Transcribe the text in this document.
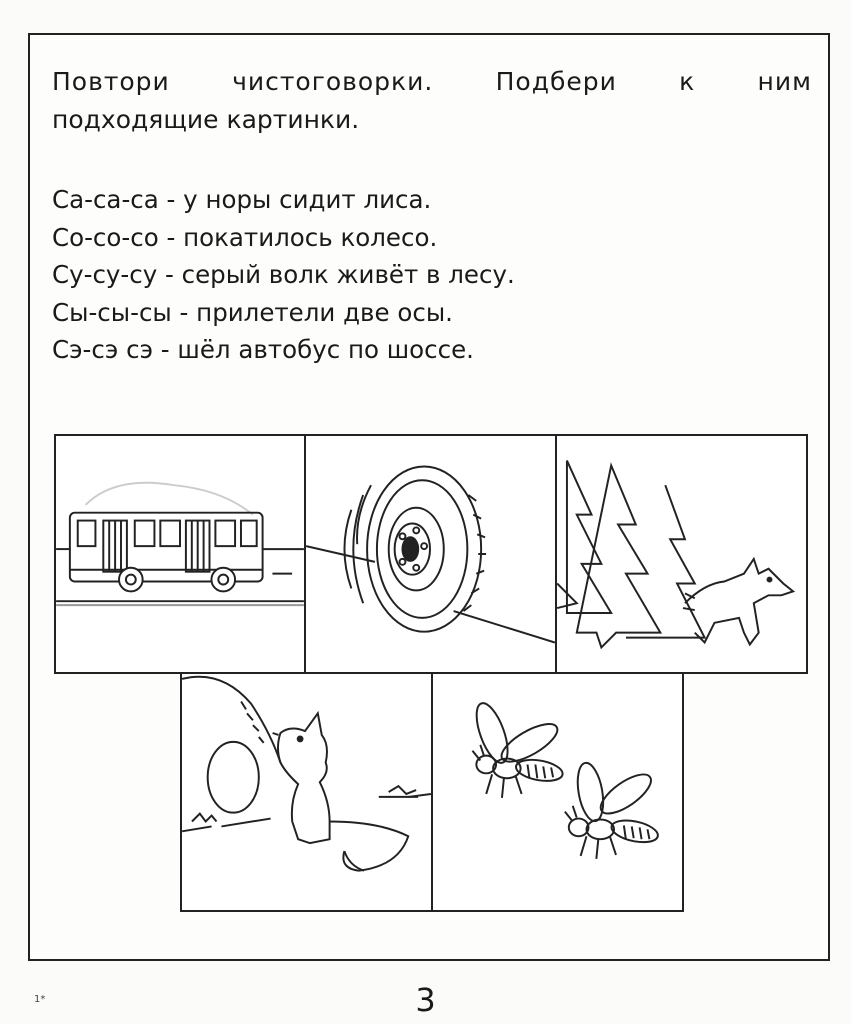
Повтори чистоговорки. Подбери к ним
подходящие картинки.

Са-са-са - у норы сидит лиса.
Со-со-со - покатилось колесо.
Су-су-су - серый волк живёт в лесу.
Сы-сы-сы - прилетели две осы.
Сэ-сэ сэ - шёл автобус по шоссе.
3
1*
